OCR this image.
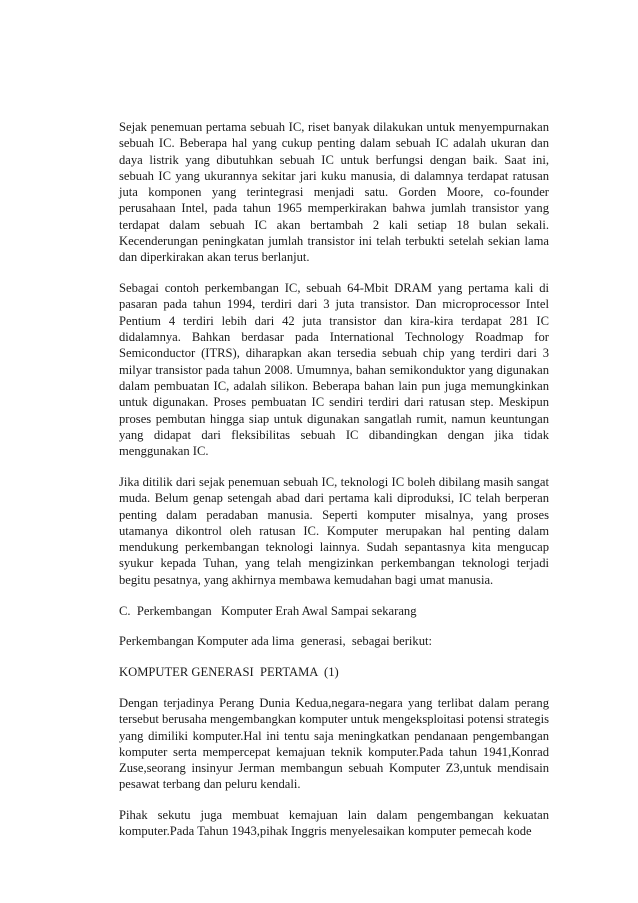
Sejak penemuan pertama sebuah IC, riset banyak dilakukan untuk menyempurnakan sebuah IC. Beberapa hal yang cukup penting dalam sebuah IC adalah ukuran dan daya listrik yang dibutuhkan sebuah IC untuk berfungsi dengan baik. Saat ini, sebuah IC yang ukurannya sekitar jari kuku manusia, di dalamnya terdapat ratusan juta komponen yang terintegrasi menjadi satu. Gorden Moore, co-founder perusahaan Intel, pada tahun 1965 memperkirakan bahwa jumlah transistor yang terdapat dalam sebuah IC akan bertambah 2 kali setiap 18 bulan sekali. Kecenderungan peningkatan jumlah transistor ini telah terbukti setelah sekian lama dan diperkirakan akan terus berlanjut.

Sebagai contoh perkembangan IC, sebuah 64-Mbit DRAM yang pertama kali di pasaran pada tahun 1994, terdiri dari 3 juta transistor. Dan microprocessor Intel Pentium 4 terdiri lebih dari 42 juta transistor dan kira-kira terdapat 281 IC didalamnya. Bahkan berdasar pada International Technology Roadmap for Semiconductor (ITRS), diharapkan akan tersedia sebuah chip yang terdiri dari 3 milyar transistor pada tahun 2008. Umumnya, bahan semikonduktor yang digunakan dalam pembuatan IC, adalah silikon. Beberapa bahan lain pun juga memungkinkan untuk digunakan. Proses pembuatan IC sendiri terdiri dari ratusan step. Meskipun proses pembutan hingga siap untuk digunakan sangatlah rumit, namun keuntungan yang didapat dari fleksibilitas sebuah IC dibandingkan dengan jika tidak menggunakan IC.

Jika ditilik dari sejak penemuan sebuah IC, teknologi IC boleh dibilang masih sangat muda. Belum genap setengah abad dari pertama kali diproduksi, IC telah berperan penting dalam peradaban manusia. Seperti komputer misalnya, yang proses utamanya dikontrol oleh ratusan IC. Komputer merupakan hal penting dalam mendukung perkembangan teknologi lainnya. Sudah sepantasnya kita mengucap syukur kepada Tuhan, yang telah mengizinkan perkembangan teknologi terjadi begitu pesatnya, yang akhirnya membawa kemudahan bagi umat manusia.

C.  Perkembangan   Komputer Erah Awal Sampai sekarang

Perkembangan Komputer ada lima  generasi,  sebagai berikut:

KOMPUTER GENERASI  PERTAMA  (1)

Dengan terjadinya Perang Dunia Kedua,negara-negara yang terlibat dalam perang tersebut berusaha mengembangkan komputer untuk mengeksploitasi potensi strategis yang dimiliki komputer.Hal ini tentu saja meningkatkan pendanaan pengembangan komputer serta mempercepat kemajuan teknik komputer.Pada tahun 1941,Konrad Zuse,seorang insinyur Jerman membangun sebuah Komputer Z3,untuk mendisain pesawat terbang dan peluru kendali.

Pihak sekutu juga membuat kemajuan lain dalam pengembangan kekuatan komputer.Pada Tahun 1943,pihak Inggris menyelesaikan komputer pemecah kode
